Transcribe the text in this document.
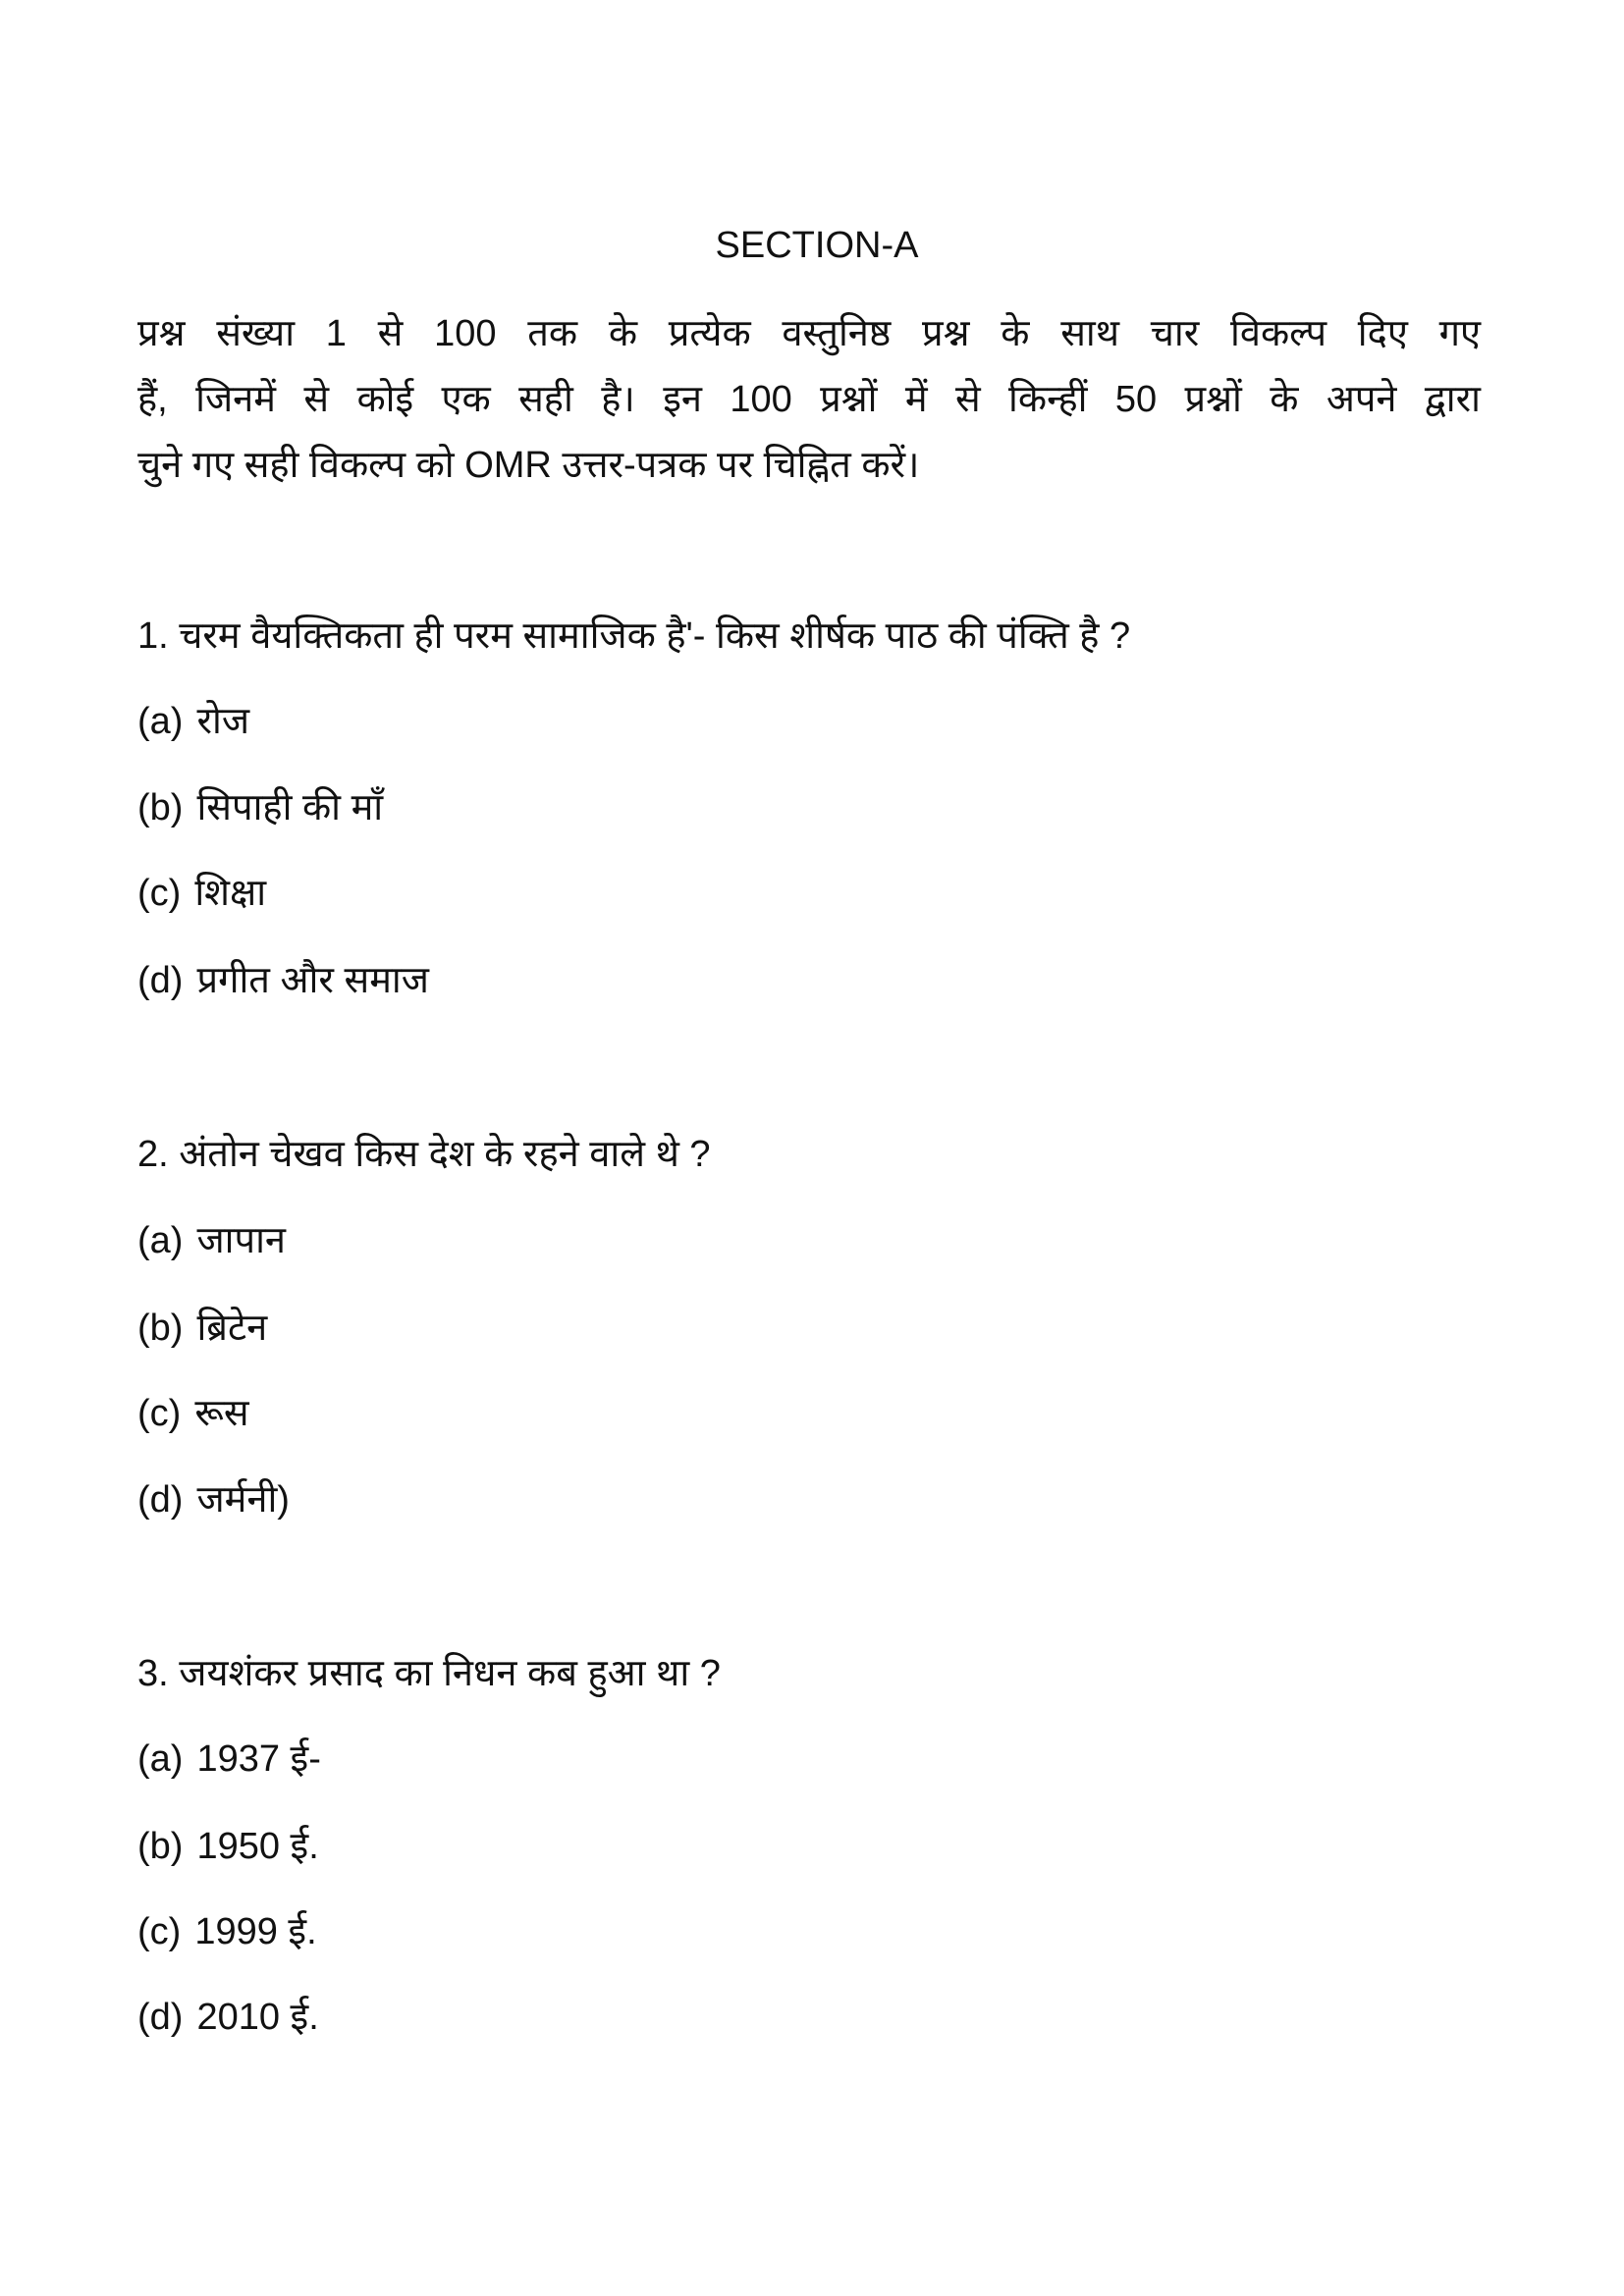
SECTION-A
प्रश्न संख्या 1 से 100 तक के प्रत्येक वस्तुनिष्ठ प्रश्न के साथ चार विकल्प दिए गए
हैं, जिनमें से कोई एक सही है। इन 100 प्रश्नों में से किन्हीं 50 प्रश्नों के अपने द्वारा
चुने गए सही विकल्प को OMR उत्तर-पत्रक पर चिह्नित करें।
1. चरम वैयक्तिकता ही परम सामाजिक है'- किस शीर्षक पाठ की पंक्ति है ?
(a) रोज
(b) सिपाही की माँ
(c) शिक्षा
(d) प्रगीत और समाज
2. अंतोन चेखव किस देश के रहने वाले थे ?
(a) जापान
(b) ब्रिटेन
(c) रूस
(d) जर्मनी)
3. जयशंकर प्रसाद का निधन कब हुआ था ?
(a) 1937 ई-
(b) 1950 ई.
(c) 1999 ई.
(d) 2010 ई.
